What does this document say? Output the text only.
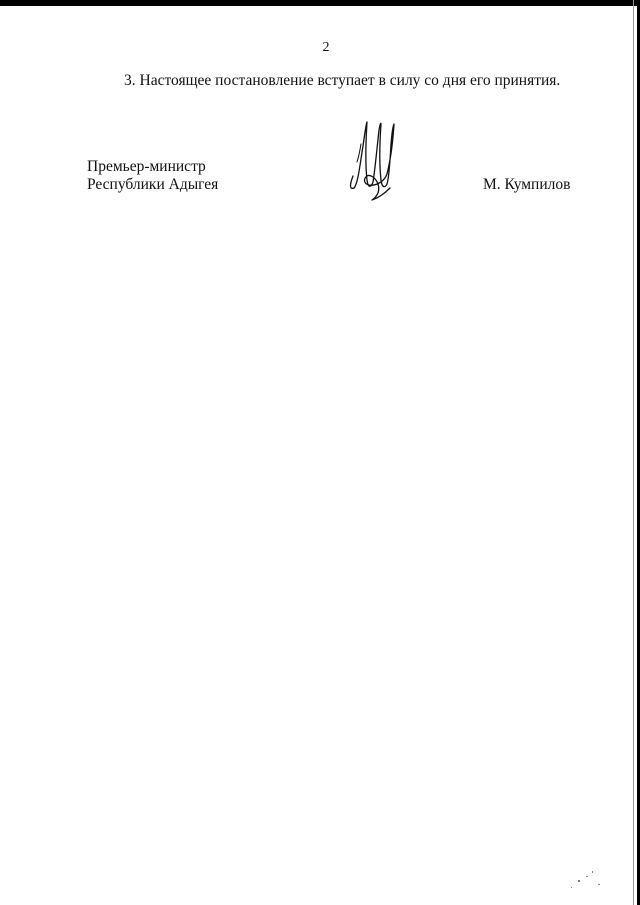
2
3. Настоящее постановление вступает в силу со дня его принятия.
Премьер-министр
Республики Адыгея	М. Кумпилов
